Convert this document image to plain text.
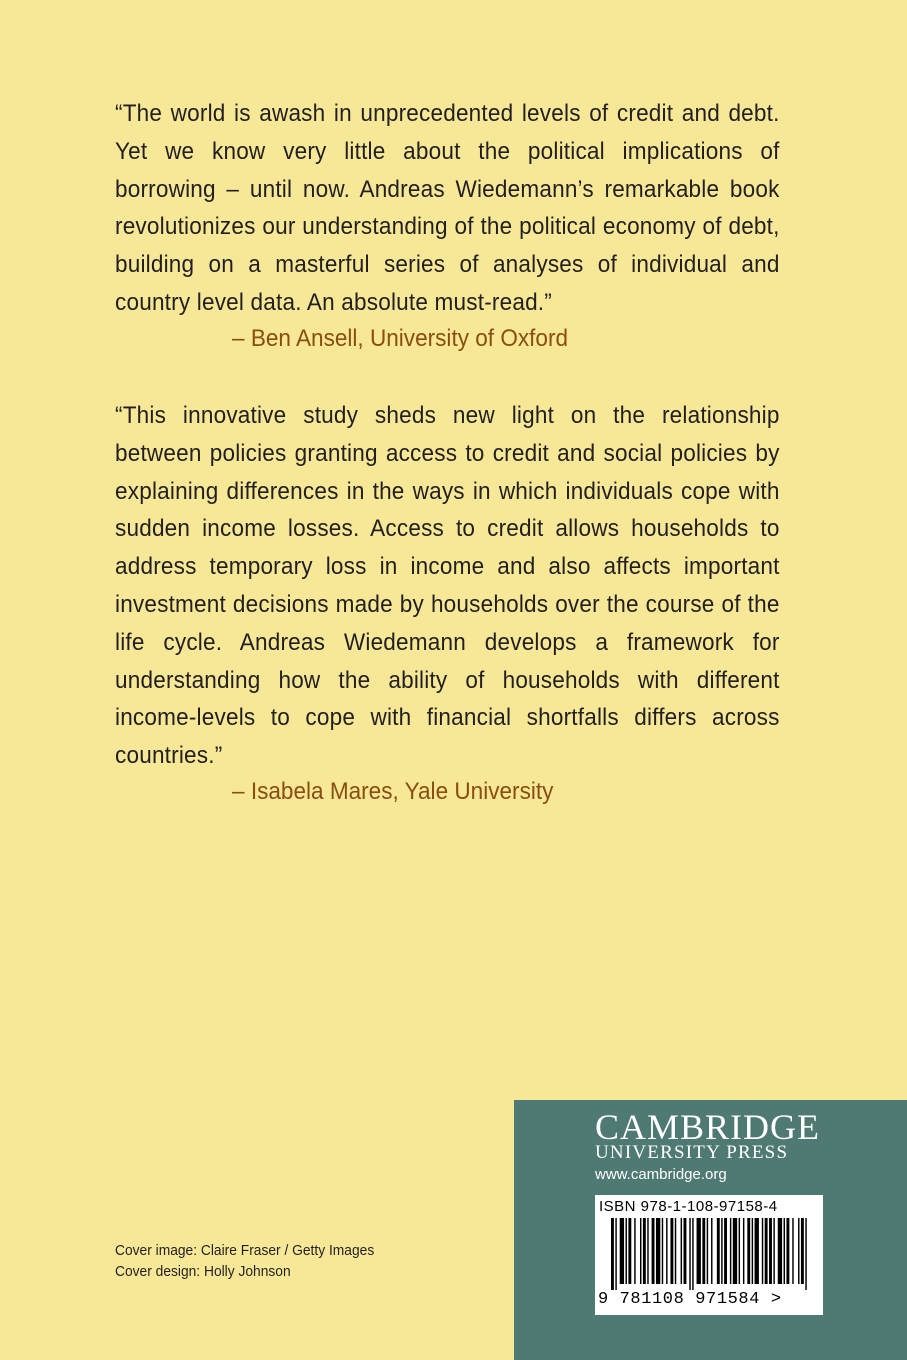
“The world is awash in unprecedented levels of credit and debt. Yet we know very little about the political implications of borrowing – until now. Andreas Wiedemann’s remarkable book revolutionizes our understanding of the political economy of debt, building on a masterful series of analyses of individual and country level data. An absolute must-read.”
– Ben Ansell, University of Oxford
“This innovative study sheds new light on the relationship between policies granting access to credit and social policies by explaining differences in the ways in which individuals cope with sudden income losses. Access to credit allows households to address temporary loss in income and also affects important investment decisions made by households over the course of the life cycle. Andreas Wiedemann develops a framework for understanding how the ability of households with different income-levels to cope with financial shortfalls differs across countries.”
– Isabela Mares, Yale University
Cover image: Claire Fraser / Getty Images
Cover design: Holly Johnson
CAMBRIDGE
UNIVERSITY PRESS
www.cambridge.org
ISBN 978-1-108-97158-4
9 781108 971584 >
